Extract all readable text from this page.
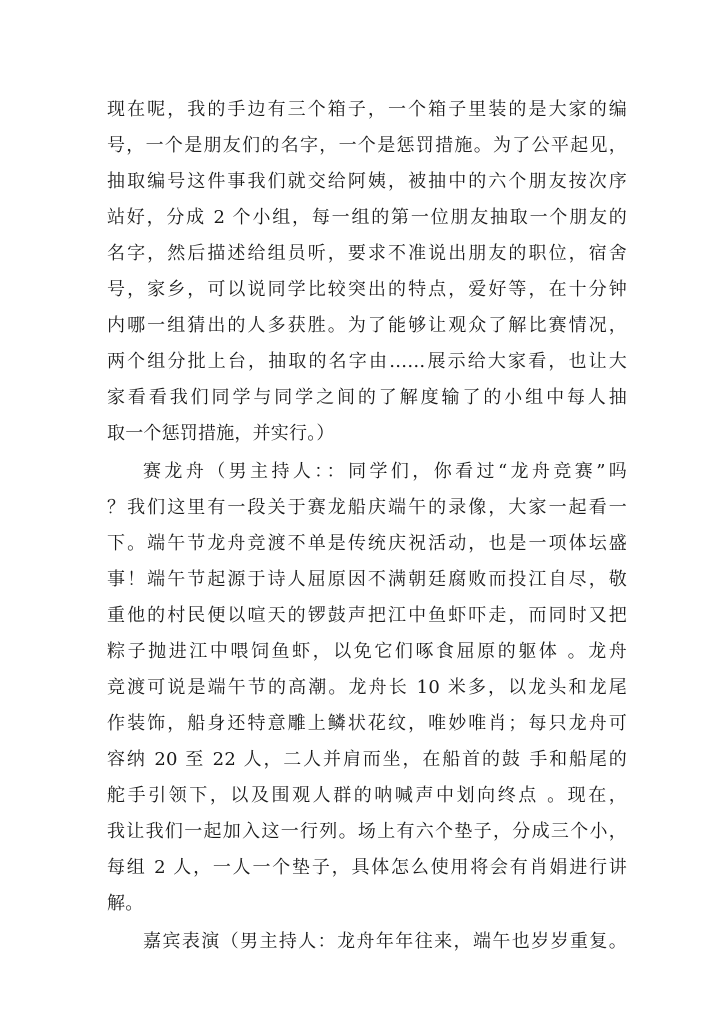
现在呢，我的手边有三个箱子，一个箱子里装的是大家的编
号，一个是朋友们的名字，一个是惩罚措施。为了公平起见，
抽取编号这件事我们就交给阿姨，被抽中的六个朋友按次序
站好，分成 2 个小组，每一组的第一位朋友抽取一个朋友的
名字，然后描述给组员听，要求不准说出朋友的职位，宿舍
号，家乡，可以说同学比较突出的特点，爱好等，在十分钟
内哪一组猜出的人多获胜。为了能够让观众了解比赛情况，
两个组分批上台，抽取的名字由……展示给大家看，也让大
家看看我们同学与同学之间的了解度输了的小组中每人抽
取一个惩罚措施，并实行。）
赛龙舟（男主持人：：同学们，你看过“龙舟竞赛”吗
？我们这里有一段关于赛龙船庆端午的录像，大家一起看一
下。端午节龙舟竞渡不单是传统庆祝活动，也是一项体坛盛
事！端午节起源于诗人屈原因不满朝廷腐败而投江自尽，敬
重他的村民便以喧天的锣鼓声把江中鱼虾吓走，而同时又把
粽子抛进江中喂饲鱼虾，以免它们啄食屈原的躯体 。龙舟
竞渡可说是端午节的高潮。龙舟长 10 米多，以龙头和龙尾
作装饰，船身还特意雕上鳞状花纹，唯妙唯肖；每只龙舟可
容纳 20 至 22 人，二人并肩而坐，在船首的鼓 手和船尾的
舵手引领下，以及围观人群的呐喊声中划向终点 。现在，
我让我们一起加入这一行列。场上有六个垫子，分成三个小，
每组 2 人，一人一个垫子，具体怎么使用将会有肖娟进行讲
解。
嘉宾表演（男主持人：龙舟年年往来，端午也岁岁重复。
